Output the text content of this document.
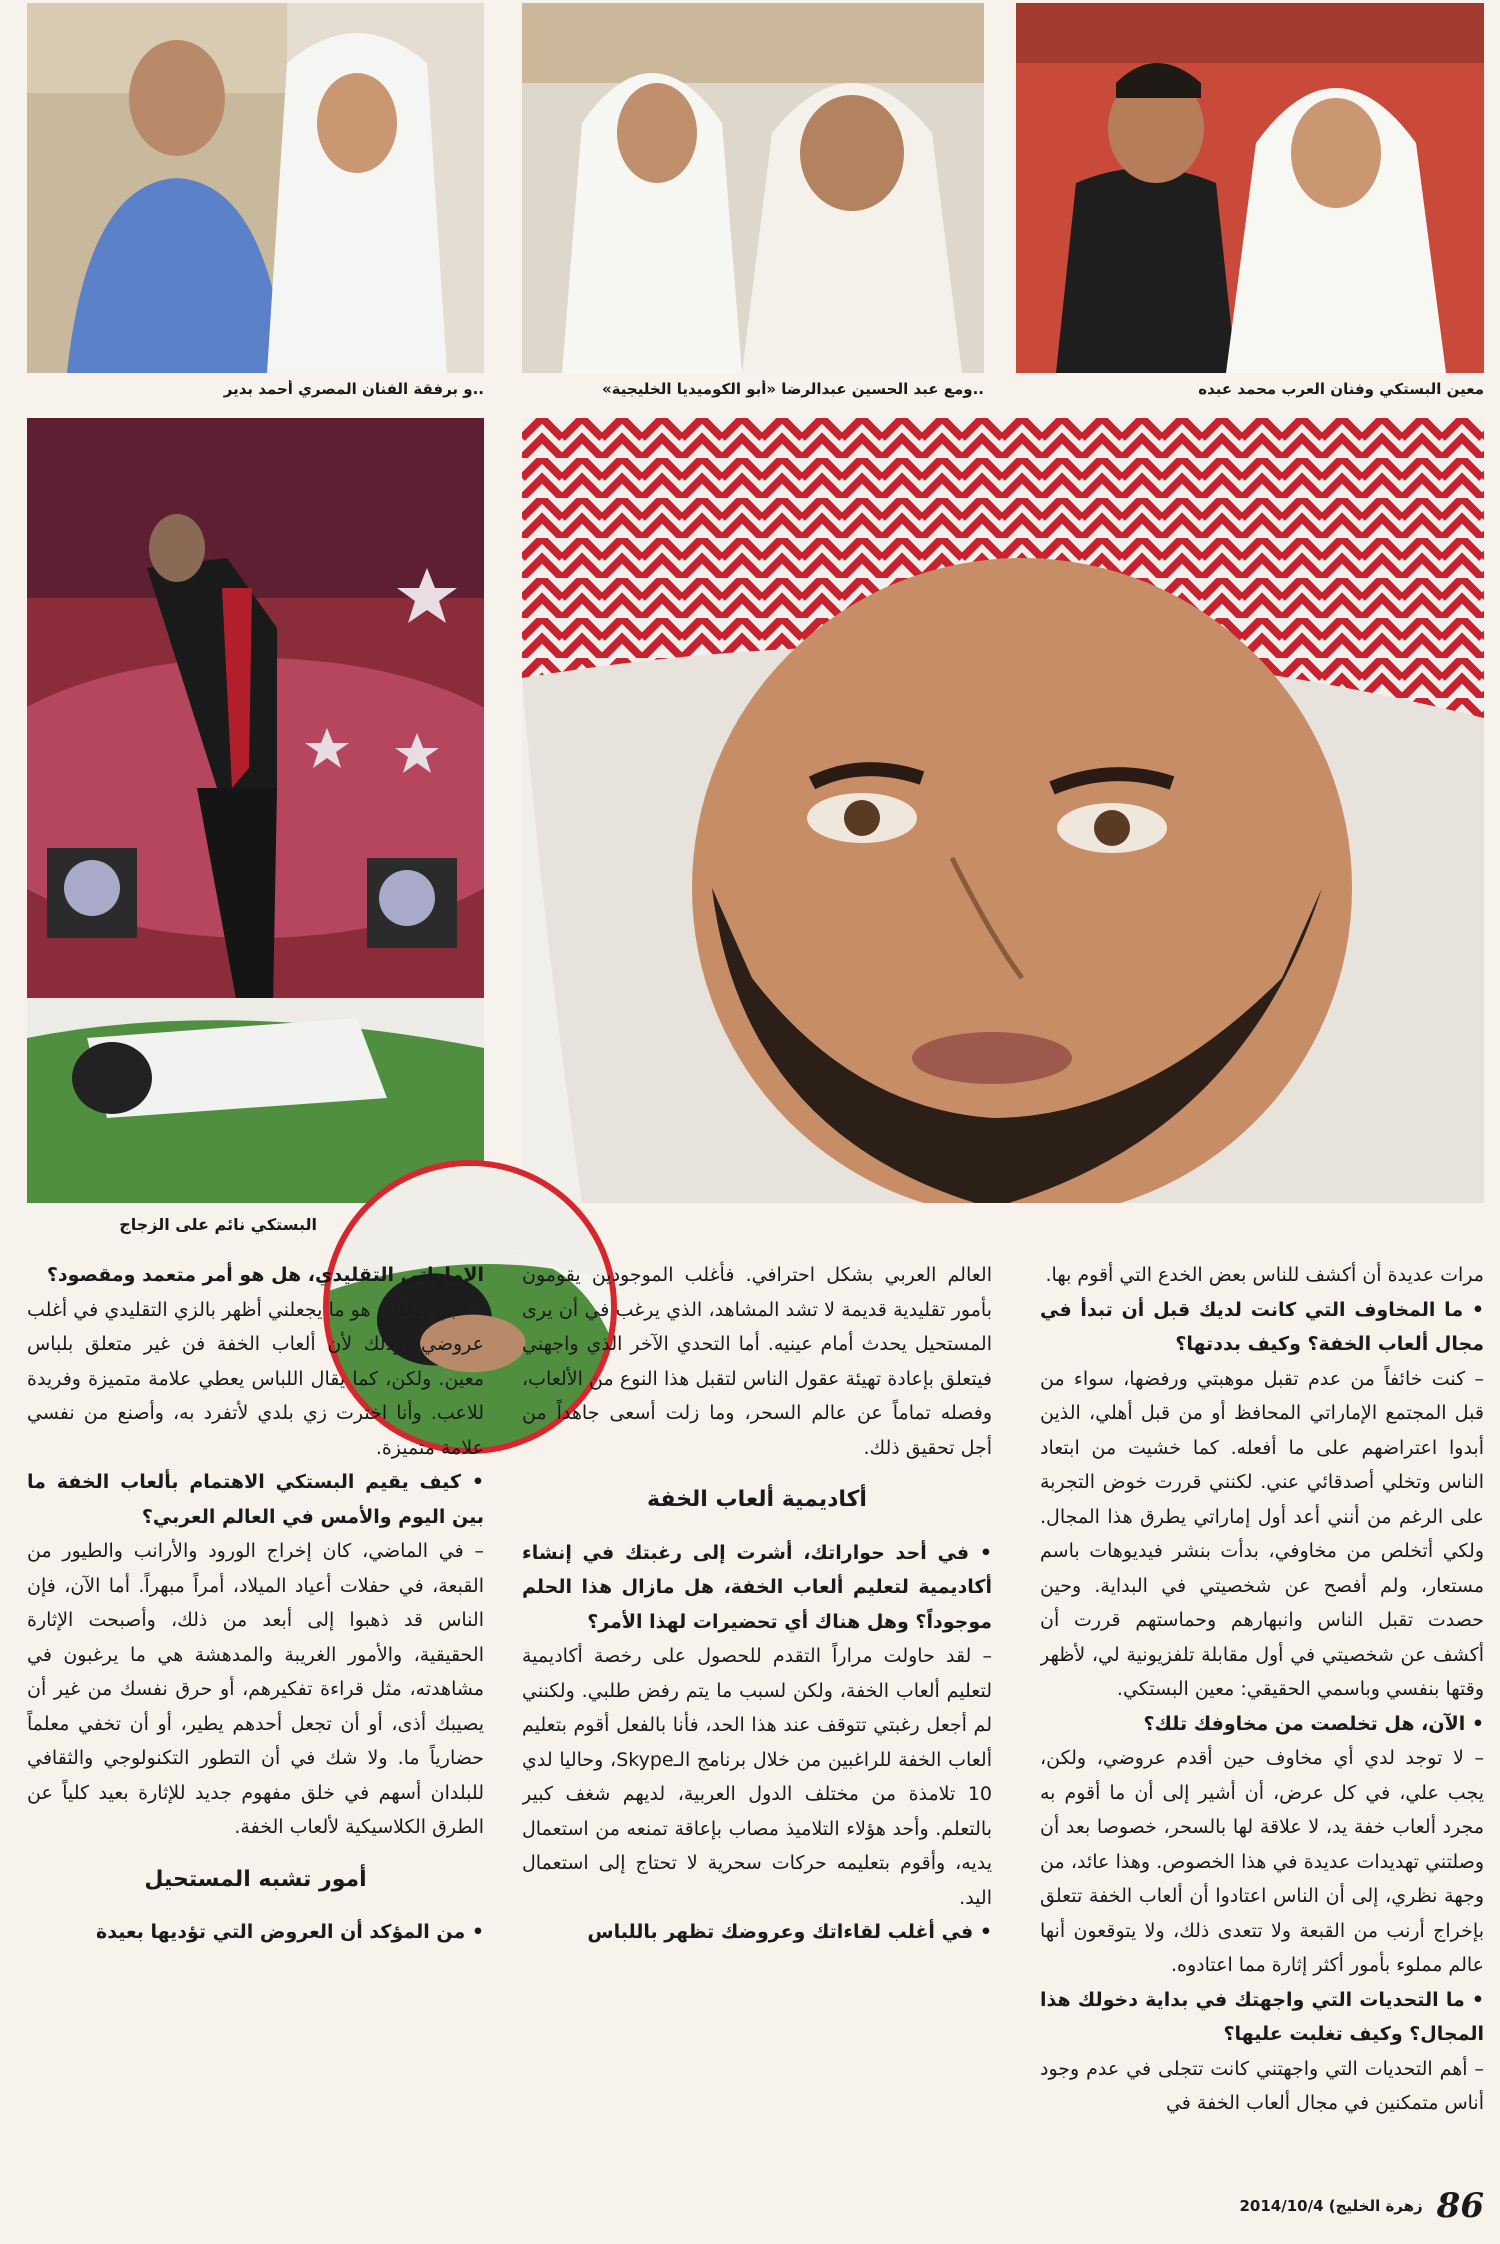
..و برفقة الفنان المصري أحمد بدير	..ومع عبد الحسين عبدالرضا «أبو الكوميديا الخليجية»	معين البستكي وفنان العرب محمد عبده
البستكي نائم على الزجاج

مرات عديدة أن أكشف للناس بعض الخدع التي أقوم بها.

• ما المخاوف التي كانت لديك قبل أن تبدأ في مجال ألعاب الخفة؟ وكيف بددتها؟

– كنت خائفاً من عدم تقبل موهبتي ورفضها، سواء من قبل المجتمع الإماراتي المحافظ أو من قبل أهلي، الذين أبدوا اعتراضهم على ما أفعله. كما خشيت من ابتعاد الناس وتخلي أصدقائي عني. لكنني قررت خوض التجربة على الرغم من أنني أعد أول إماراتي يطرق هذا المجال. ولكي أتخلص من مخاوفي، بدأت بنشر فيديوهات باسم مستعار، ولم أفصح عن شخصيتي في البداية. وحين حصدت تقبل الناس وانبهارهم وحماستهم قررت أن أكشف عن شخصيتي في أول مقابلة تلفزيونية لي، لأظهر وقتها بنفسي وباسمي الحقيقي: معين البستكي.

• الآن، هل تخلصت من مخاوفك تلك؟

– لا توجد لدي أي مخاوف حين أقدم عروضي، ولكن، يجب علي، في كل عرض، أن أشير إلى أن ما أقوم به مجرد ألعاب خفة يد، لا علاقة لها بالسحر، خصوصا بعد أن وصلتني تهديدات عديدة في هذا الخصوص. وهذا عائد، من وجهة نظري، إلى أن الناس اعتادوا أن ألعاب الخفة تتعلق بإخراج أرنب من القبعة ولا تتعدى ذلك، ولا يتوقعون أنها عالم مملوء بأمور أكثر إثارة مما اعتادوه.

• ما التحديات التي واجهتك في بداية دخولك هذا المجال؟ وكيف تغلبت عليها؟

– أهم التحديات التي واجهتني كانت تتجلى في عدم وجود أناس متمكنين في مجال ألعاب الخفة في

العالم العربي بشكل احترافي. فأغلب الموجودين يقومون بأمور تقليدية قديمة لا تشد المشاهد، الذي يرغب في أن يرى المستحيل يحدث أمام عينيه. أما التحدي الآخر الذي واجهني فيتعلق بإعادة تهيئة عقول الناس لتقبل هذا النوع من الألعاب، وفصله تماماً عن عالم السحر، وما زلت أسعى جاهداً من أجل تحقيق ذلك.

أكاديمية ألعاب الخفة

• في أحد حواراتك، أشرت إلى رغبتك في إنشاء أكاديمية لتعليم ألعاب الخفة، هل مازال هذا الحلم موجوداً؟ وهل هناك أي تحضيرات لهذا الأمر؟

– لقد حاولت مراراً التقدم للحصول على رخصة أكاديمية لتعليم ألعاب الخفة، ولكن لسبب ما يتم رفض طلبي. ولكنني لم أجعل رغبتي تتوقف عند هذا الحد، فأنا بالفعل أقوم بتعليم ألعاب الخفة للراغبين من خلال برنامج الـSkype، وحاليا لدي 10 تلامذة من مختلف الدول العربية، لديهم شغف كبير بالتعلم. وأحد هؤلاء التلاميذ مصاب بإعاقة تمنعه من استعمال يديه، وأقوم بتعليمه حركات سحرية لا تحتاج إلى استعمال اليد.

• في أغلب لقاءاتك وعروضك تظهر باللباس

الإماراتي التقليدي، هل هو أمر متعمد ومقصود؟

– حبي لوطني هو ما يجعلني أظهر بالزي التقليدي في أغلب عروضي، وذلك لأن ألعاب الخفة فن غير متعلق بلباس معين. ولكن، كما يقال اللباس يعطي علامة متميزة وفريدة للاعب. وأنا اخترت زي بلدي لأتفرد به، وأصنع من نفسي علامة متميزة.

• كيف يقيم البستكي الاهتمام بألعاب الخفة ما بين اليوم والأمس في العالم العربي؟

– في الماضي، كان إخراج الورود والأرانب والطيور من القبعة، في حفلات أعياد الميلاد، أمراً مبهراً. أما الآن، فإن الناس قد ذهبوا إلى أبعد من ذلك، وأصبحت الإثارة الحقيقية، والأمور الغريبة والمدهشة هي ما يرغبون في مشاهدته، مثل قراءة تفكيرهم، أو حرق نفسك من غير أن يصيبك أذى، أو أن تجعل أحدهم يطير، أو أن تخفي معلماً حضارياً ما. ولا شك في أن التطور التكنولوجي والثقافي للبلدان أسهم في خلق مفهوم جديد للإثارة بعيد كلياً عن الطرق الكلاسيكية لألعاب الخفة.

أمور تشبه المستحيل

• من المؤكد أن العروض التي تؤديها بعيدة

2014/10/4 (زهرة الخليج 86
